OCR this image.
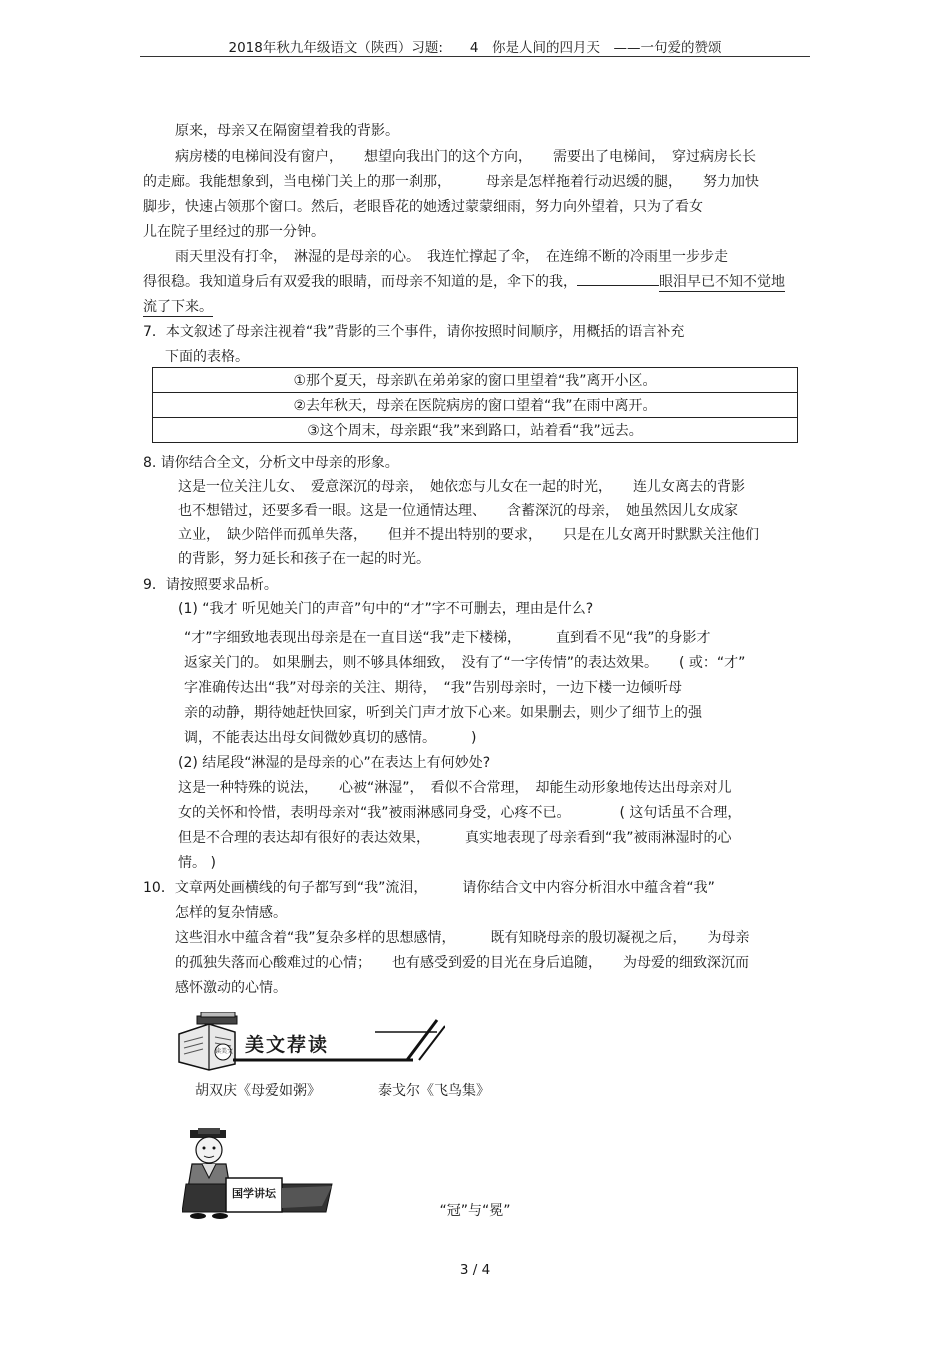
2018年秋九年级语文（陕西）习题:　　4　你是人间的四月天　——一句爱的赞颂
原来，母亲又在隔窗望着我的背影。
病房楼的电梯间没有窗户，　　想望向我出门的这个方向，　　需要出了电梯间，　穿过病房长长
的走廊。我能想象到，当电梯门关上的那一刹那，　　　母亲是怎样拖着行动迟缓的腿，　　努力加快
脚步，快速占领那个窗口。然后，老眼昏花的她透过蒙蒙细雨，努力向外望着，只为了看女
儿在院子里经过的那一分钟。
雨天里没有打伞，　淋湿的是母亲的心。　我连忙撑起了伞，　在连绵不断的冷雨里一步步走
得很稳。我知道身后有双爱我的眼睛，而母亲不知道的是，伞下的我，	眼泪早已不知不觉地
流了下来。
7．本文叙述了母亲注视着“我”背影的三个事件，请你按照时间顺序，用概括的语言补充
下面的表格。
①那个夏天，母亲趴在弟弟家的窗口里望着“我”离开小区。
②去年秋天，母亲在医院病房的窗口望着“我”在雨中离开。
③这个周末，母亲跟“我”来到路口，站着看“我”远去。
8. 请你结合全文，分析文中母亲的形象。
这是一位关注儿女、　爱意深沉的母亲，　她依恋与儿女在一起的时光，　　连儿女离去的背影
也不想错过，还要多看一眼。这是一位通情达理、　　含蓄深沉的母亲，　她虽然因儿女成家
立业，　缺少陪伴而孤单失落，　　但并不提出特别的要求，　　只是在儿女离开时默默关注他们
的背影，努力延长和孩子在一起的时光。
9．请按照要求品析。
(1) “我才 听见她关门的声音”句中的“才”字不可删去，理由是什么?
“才”字细致地表现出母亲是在一直目送“我”走下楼梯，　　　直到看不见“我”的身影才
返家关门的。 如果删去，则不够具体细致，　没有了“一字传情”的表达效果。　　( 或：“才”
字准确传达出“我”对母亲的关注、期待，　“我”告别母亲时，一边下楼一边倾听母
亲的动静，期待她赶快回家，听到关门声才放下心来。如果删去，则少了细节上的强
调，不能表达出母女间微妙真切的感情。　　　)
(2) 结尾段“淋湿的是母亲的心”在表达上有何妙处?
这是一种特殊的说法，　　心被“淋湿”，　看似不合常理，　却能生动形象地传达出母亲对儿
女的关怀和怜惜，表明母亲对“我”被雨淋感同身受，心疼不已。　　　　( 这句话虽不合理，
但是不合理的表达却有很好的表达效果，　　　真实地表现了母亲看到“我”被雨淋湿时的心
情。 )
10．文章两处画横线的句子都写到“我”流泪，　　　请你结合文中内容分析泪水中蕴含着“我”
怎样的复杂情感。
这些泪水中蕴含着“我”复杂多样的思想感情，　　　既有知晓母亲的殷切凝视之后，　　为母亲
的孤独失落而心酸难过的心情；　　也有感受到爱的目光在身后追随，　　为母爱的细致深沉而
感怀激动的心情。
读美文 美文荐读
胡双庆《母爱如粥》	泰戈尔《飞鸟集》
国学讲坛
“冠”与“冕”
3 / 4
